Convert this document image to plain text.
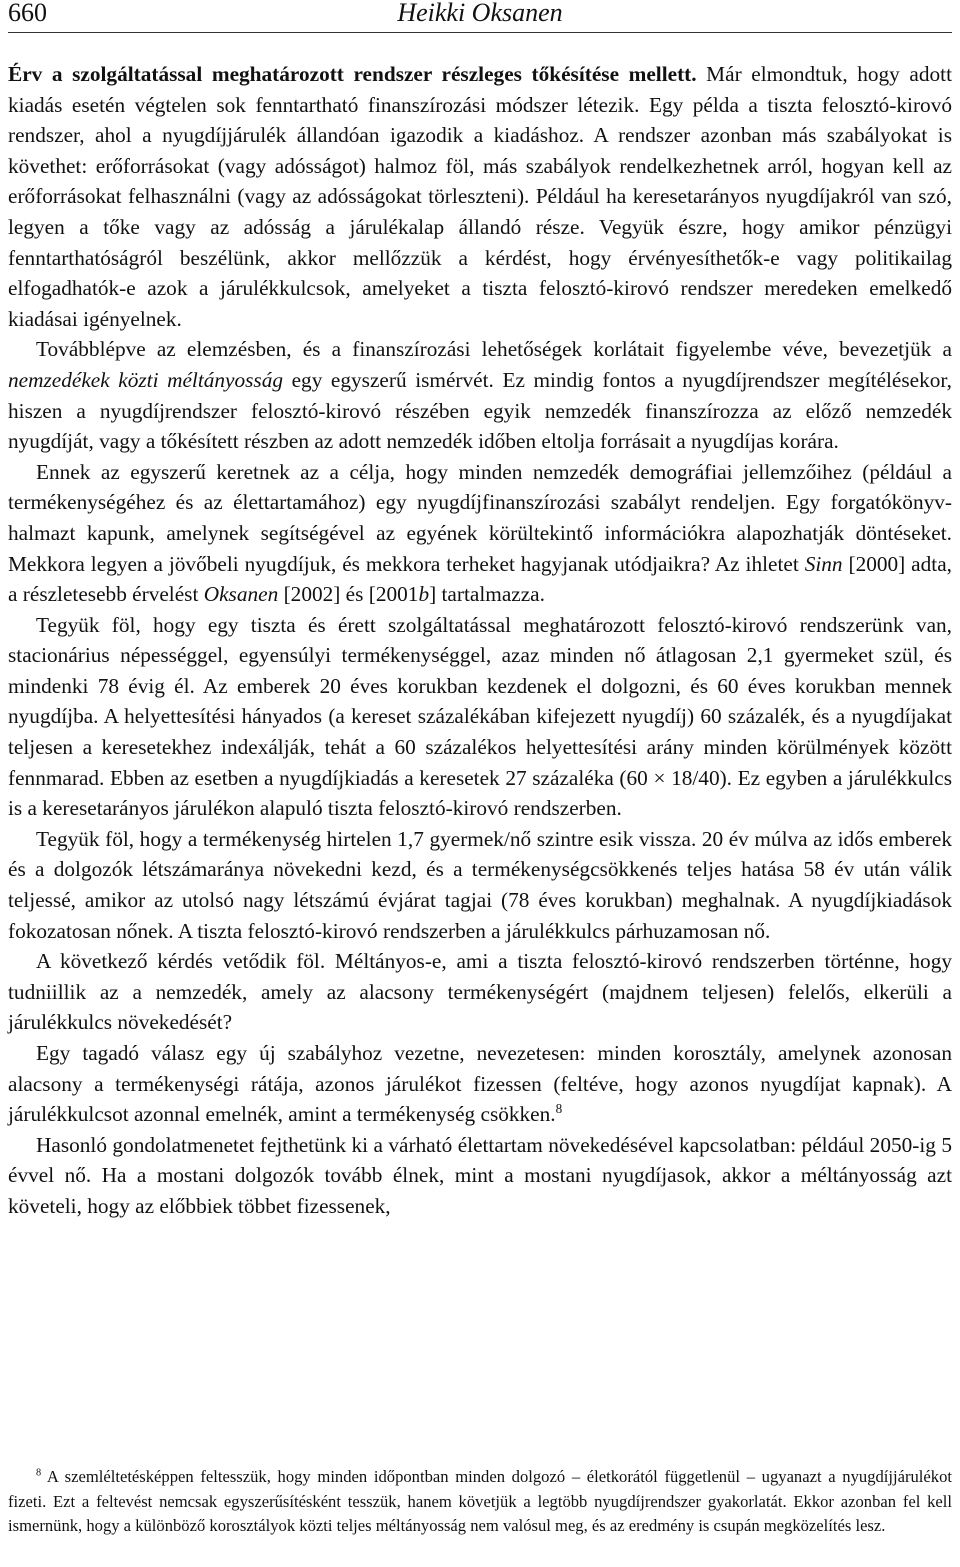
660	Heikki Oksanen

Érv a szolgáltatással meghatározott rendszer részleges tőkésítése mellett. Már elmondtuk, hogy adott kiadás esetén végtelen sok fenntartható finanszírozási módszer létezik. Egy példa a tiszta felosztó-kirovó rendszer, ahol a nyugdíjjárulék állandóan igazodik a kiadáshoz. A rendszer azonban más szabályokat is követhet: erőforrásokat (vagy adósságot) halmoz föl, más szabályok rendelkezhetnek arról, hogyan kell az erőforrásokat felhasználni (vagy az adósságokat törleszteni). Például ha keresetarányos nyugdíjakról van szó, legyen a tőke vagy az adósság a járulékalap állandó része. Vegyük észre, hogy amikor pénzügyi fenntarthatóságról beszélünk, akkor mellőzzük a kérdést, hogy érvényesíthetők-e vagy politikailag elfogadhatók-e azok a járulékkulcsok, amelyeket a tiszta felosztó-kirovó rendszer meredeken emelkedő kiadásai igényelnek.

Továbblépve az elemzésben, és a finanszírozási lehetőségek korlátait figyelembe véve, bevezetjük a nemzedékek közti méltányosság egy egyszerű ismérvét. Ez mindig fontos a nyugdíjrendszer megítélésekor, hiszen a nyugdíjrendszer felosztó-kirovó részében egyik nemzedék finanszírozza az előző nemzedék nyugdíját, vagy a tőkésített részben az adott nemzedék időben eltolja forrásait a nyugdíjas korára.

Ennek az egyszerű keretnek az a célja, hogy minden nemzedék demográfiai jellemzőihez (például a termékenységéhez és az élettartamához) egy nyugdíjfinanszírozási szabályt rendeljen. Egy forgatókönyv-halmazt kapunk, amelynek segítségével az egyének körültekintő információkra alapozhatják döntéseket. Mekkora legyen a jövőbeli nyugdíjuk, és mekkora terheket hagyjanak utódjaikra? Az ihletet Sinn [2000] adta, a részletesebb érvelést Oksanen [2002] és [2001b] tartalmazza.

Tegyük föl, hogy egy tiszta és érett szolgáltatással meghatározott felosztó-kirovó rendszerünk van, stacionárius népességgel, egyensúlyi termékenységgel, azaz minden nő átlagosan 2,1 gyermeket szül, és mindenki 78 évig él. Az emberek 20 éves korukban kezdenek el dolgozni, és 60 éves korukban mennek nyugdíjba. A helyettesítési hányados (a kereset százalékában kifejezett nyugdíj) 60 százalék, és a nyugdíjakat teljesen a keresetekhez indexálják, tehát a 60 százalékos helyettesítési arány minden körülmények között fennmarad. Ebben az esetben a nyugdíjkiadás a keresetek 27 százaléka (60 × 18/40). Ez egyben a járulékkulcs is a keresetarányos járulékon alapuló tiszta felosztó-kirovó rendszerben.

Tegyük föl, hogy a termékenység hirtelen 1,7 gyermek/nő szintre esik vissza. 20 év múlva az idős emberek és a dolgozók létszámaránya növekedni kezd, és a termékenységcsökkenés teljes hatása 58 év után válik teljessé, amikor az utolsó nagy létszámú évjárat tagjai (78 éves korukban) meghalnak. A nyugdíjkiadások fokozatosan nőnek. A tiszta felosztó-kirovó rendszerben a járulékkulcs párhuzamosan nő.

A következő kérdés vetődik föl. Méltányos-e, ami a tiszta felosztó-kirovó rendszerben történne, hogy tudniillik az a nemzedék, amely az alacsony termékenységért (majdnem teljesen) felelős, elkerüli a járulékkulcs növekedését?

Egy tagadó válasz egy új szabályhoz vezetne, nevezetesen: minden korosztály, amelynek azonosan alacsony a termékenységi rátája, azonos járulékot fizessen (feltéve, hogy azonos nyugdíjat kapnak). A járulékkulcsot azonnal emelnék, amint a termékenység csökken.$^8$

Hasonló gondolatmenetet fejthetünk ki a várható élettartam növekedésével kapcsolatban: például 2050-ig 5 évvel nő. Ha a mostani dolgozók tovább élnek, mint a mostani nyugdíjasok, akkor a méltányosság azt követeli, hogy az előbbiek többet fizessenek,

$^8$ A szemléltetésképpen feltesszük, hogy minden időpontban minden dolgozó – életkorától függetlenül – ugyanazt a nyugdíjjárulékot fizeti. Ezt a feltevést nemcsak egyszerűsítésként tesszük, hanem követjük a legtöbb nyugdíjrendszer gyakorlatát. Ekkor azonban fel kell ismernünk, hogy a különböző korosztályok közti teljes méltányosság nem valósul meg, és az eredmény is csupán megközelítés lesz.
